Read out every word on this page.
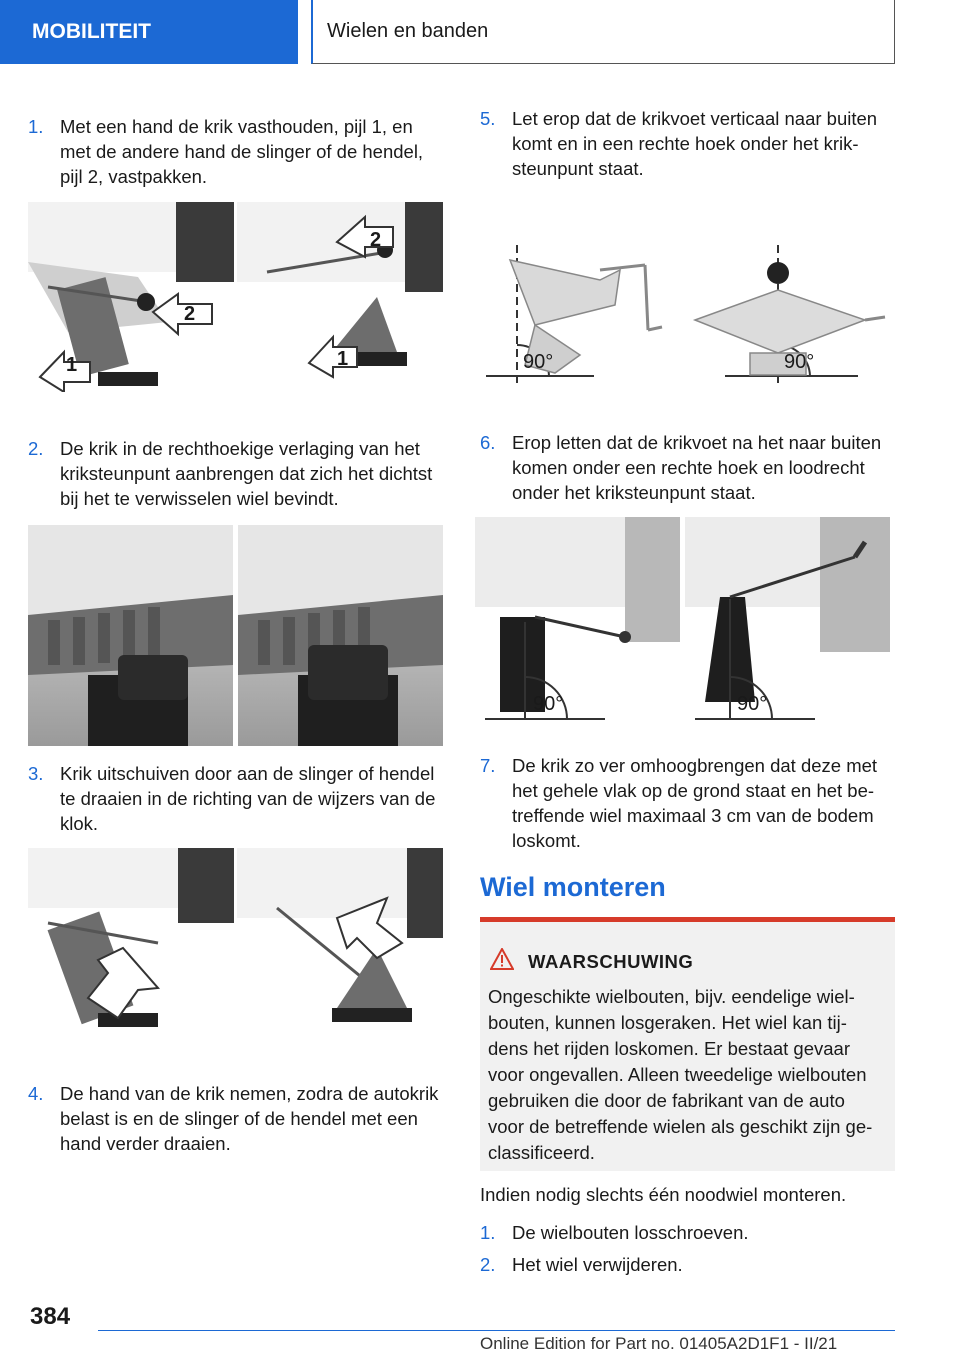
MOBILITEIT	Wielen en banden
1. Met een hand de krik vasthouden, pijl 1, en met de andere hand de slinger of de hendel, pijl 2, vastpakken.
1
2
1
2
2. De krik in de rechthoekige verlaging van het kriksteunpunt aanbrengen dat zich het dichtst bij het te verwisselen wiel bevindt.
3. Krik uitschuiven door aan de slinger of hendel te draaien in de richting van de wijzers van de klok.
4. De hand van de krik nemen, zodra de autokrik belast is en de slinger of de hendel met een hand verder draaien.
5. Let erop dat de krikvoet verticaal naar buiten komt en in een rechte hoek onder het krik-steunpunt staat.
90°	90°
6. Erop letten dat de krikvoet na het naar buiten komen onder een rechte hoek en loodrecht onder het kriksteunpunt staat.
90°	90°
7. De krik zo ver omhoogbrengen dat deze met het gehele vlak op de grond staat en het be-treffende wiel maximaal 3 cm van de bodem loskomt.
Wiel monteren
WAARSCHUWING
Ongeschikte wielbouten, bijv. eendelige wiel-bouten, kunnen losgeraken. Het wiel kan tij-dens het rijden loskomen. Er bestaat gevaar voor ongevallen. Alleen tweedelige wielbouten gebruiken die door de fabrikant van de auto voor de betreffende wielen als geschikt zijn ge-classificeerd.
Indien nodig slechts één noodwiel monteren.
1. De wielbouten losschroeven.
2. Het wiel verwijderen.
384
Online Edition for Part no. 01405A2D1F1 - II/21
